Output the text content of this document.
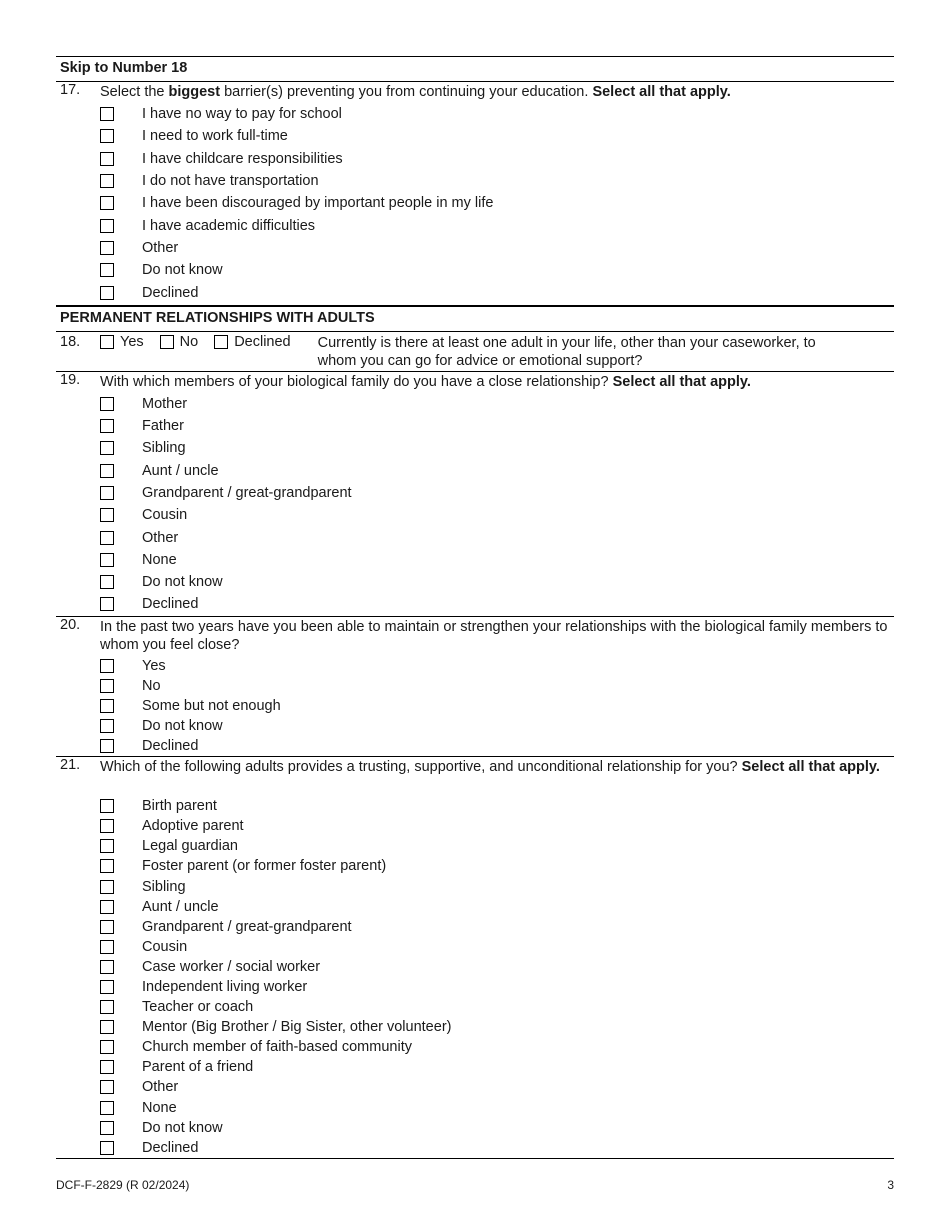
Skip to Number 18
17. Select the biggest barrier(s) preventing you from continuing your education. Select all that apply.
I have no way to pay for school
I need to work full-time
I have childcare responsibilities
I do not have transportation
I have been discouraged by important people in my life
I have academic difficulties
Other
Do not know
Declined
PERMANENT RELATIONSHIPS WITH ADULTS
18.	Yes No Declined Currently is there at least one adult in your life, other than your caseworker, to whom you can go for advice or emotional support?
19. With which members of your biological family do you have a close relationship? Select all that apply.
Mother
Father
Sibling
Aunt / uncle
Grandparent / great-grandparent
Cousin
Other
None
Do not know
Declined
20. In the past two years have you been able to maintain or strengthen your relationships with the biological family members to whom you feel close?
Yes
No
Some but not enough
Do not know
Declined
21. Which of the following adults provides a trusting, supportive, and unconditional relationship for you? Select all that apply.
Birth parent
Adoptive parent
Legal guardian
Foster parent (or former foster parent)
Sibling
Aunt / uncle
Grandparent / great-grandparent
Cousin
Case worker / social worker
Independent living worker
Teacher or coach
Mentor (Big Brother / Big Sister, other volunteer)
Church member of faith-based community
Parent of a friend
Other
None
Do not know
Declined
DCF-F-2829 (R 02/2024)	3
